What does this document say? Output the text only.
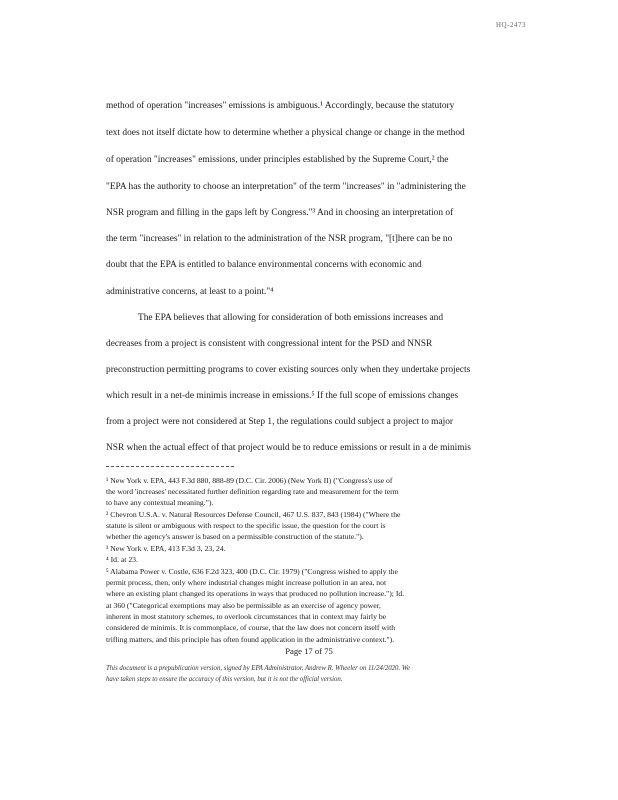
HQ-2473
method of operation "increases" emissions is ambiguous.¹ Accordingly, because the statutory
text does not itself dictate how to determine whether a physical change or change in the method
of operation "increases" emissions, under principles established by the Supreme Court,² the
"EPA has the authority to choose an interpretation" of the term "increases" in "administering the
NSR program and filling in the gaps left by Congress."³ And in choosing an interpretation of
the term "increases" in relation to the administration of the NSR program, "[t]here can be no
doubt that the EPA is entitled to balance environmental concerns with economic and
administrative concerns, at least to a point."⁴
The EPA believes that allowing for consideration of both emissions increases and
decreases from a project is consistent with congressional intent for the PSD and NNSR
preconstruction permitting programs to cover existing sources only when they undertake projects
which result in a net-de minimis increase in emissions.⁵ If the full scope of emissions changes
from a project were not considered at Step 1, the regulations could subject a project to major
NSR when the actual effect of that project would be to reduce emissions or result in a de minimis
¹ New York v. EPA, 443 F.3d 880, 888-89 (D.C. Cir. 2006) (New York II) ("Congress's use of
the word 'increases' necessitated further definition regarding rate and measurement for the term
to have any contextual meaning.").
² Chevron U.S.A. v. Natural Resources Defense Council, 467 U.S. 837, 843 (1984) ("Where the
statute is silent or ambiguous with respect to the specific issue, the question for the court is
whether the agency's answer is based on a permissible construction of the statute.").
³ New York v. EPA, 413 F.3d 3, 23, 24.
⁴ Id. at 23.
⁵ Alabama Power v. Costle, 636 F.2d 323, 400 (D.C. Cir. 1979) ("Congress wished to apply the
permit process, then, only where industrial changes might increase pollution in an area, not
where an existing plant changed its operations in ways that produced no pollution increase."); Id.
at 360 ("Categorical exemptions may also be permissible as an exercise of agency power,
inherent in most statutory schemes, to overlook circumstances that in context may fairly be
considered de minimis. It is commonplace, of course, that the law does not concern itself with
trifling matters, and this principle has often found application in the administrative context.").
Page 17 of 75
This document is a prepublication version, signed by EPA Administrator, Andrew R. Wheeler on 11/24/2020. We
have taken steps to ensure the accuracy of this version, but it is not the official version.
